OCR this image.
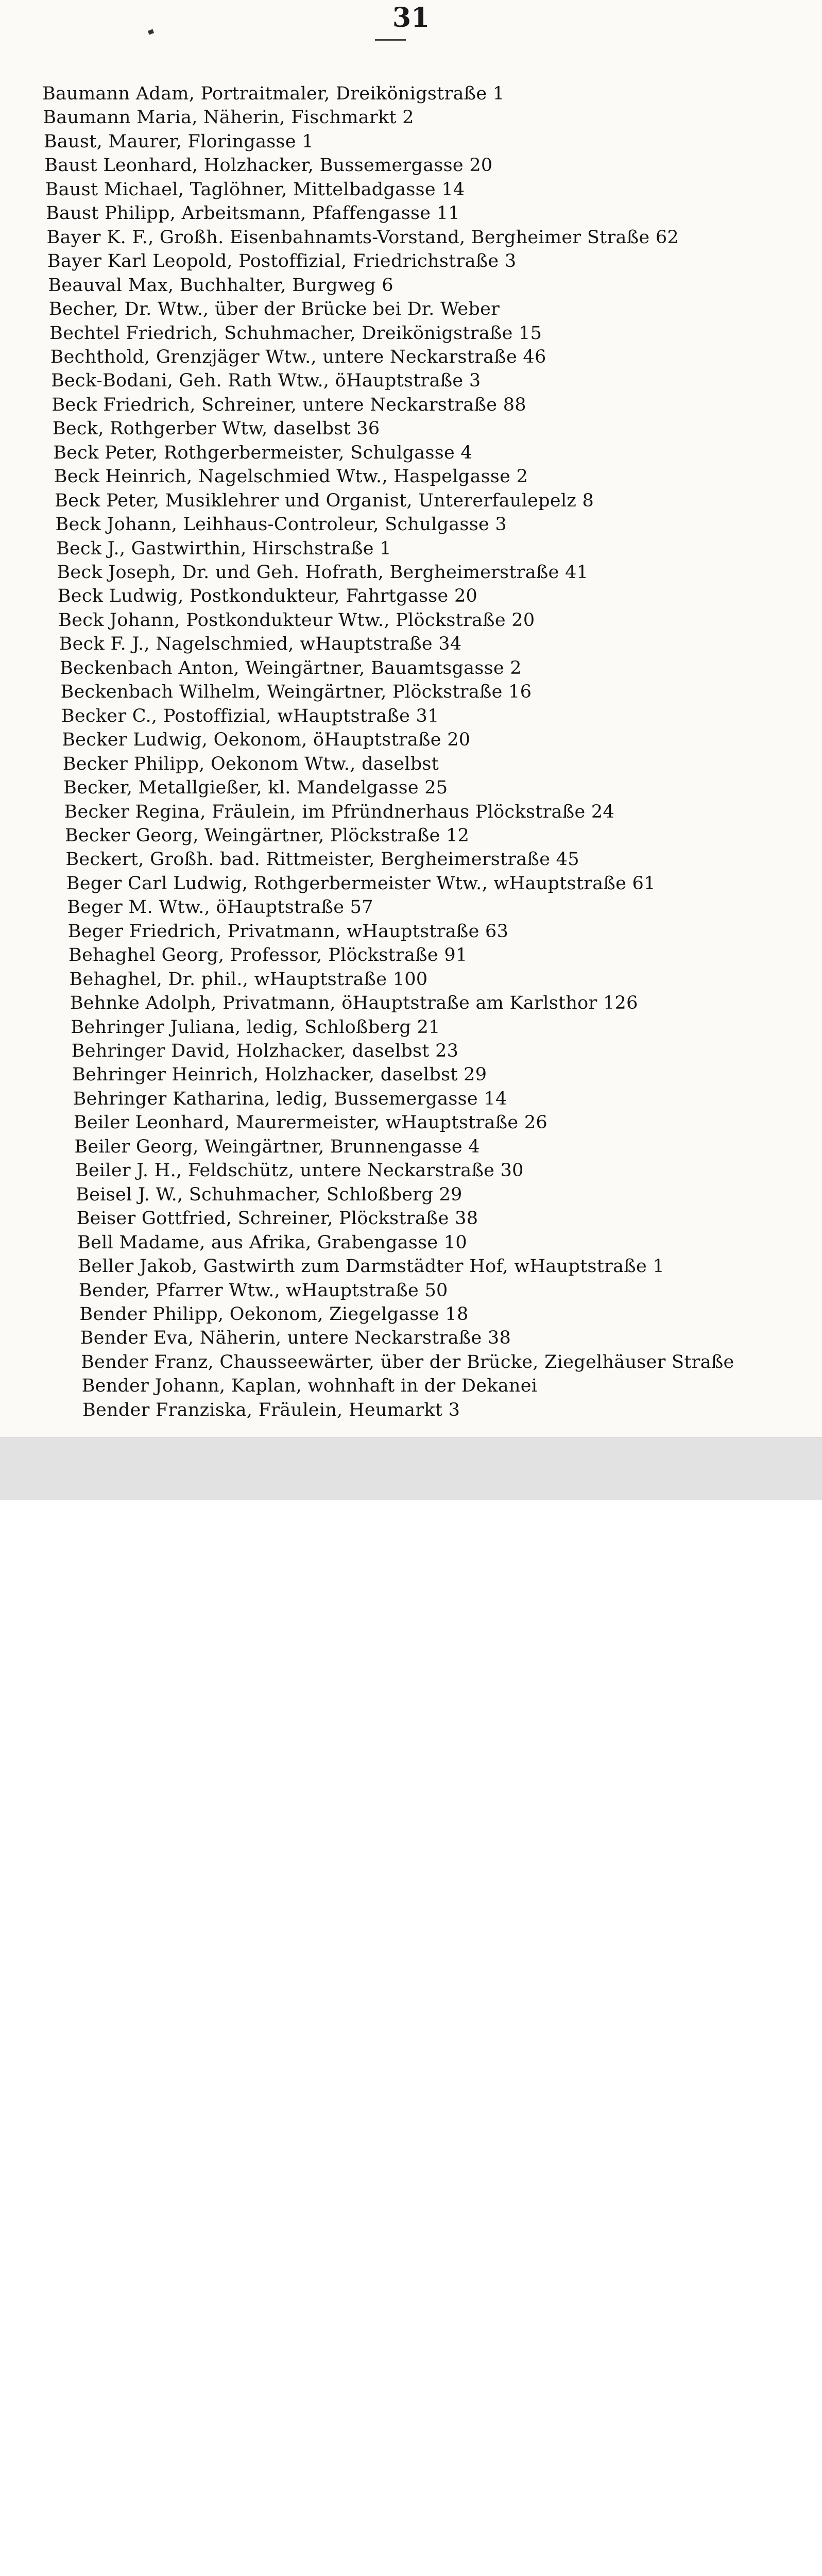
31
Baumann Adam, Portraitmaler, Dreikönigstraße 1
Baumann Maria, Näherin, Fischmarkt 2
Baust, Maurer, Floringasse 1
Baust Leonhard, Holzhacker, Bussemergasse 20
Baust Michael, Taglöhner, Mittelbadgasse 14
Baust Philipp, Arbeitsmann, Pfaffengasse 11
Bayer K. F., Großh. Eisenbahnamts-Vorstand, Bergheimer Straße 62
Bayer Karl Leopold, Postoffizial, Friedrichstraße 3
Beauval Max, Buchhalter, Burgweg 6
Becher, Dr. Wtw., über der Brücke bei Dr. Weber
Bechtel Friedrich, Schuhmacher, Dreikönigstraße 15
Bechthold, Grenzjäger Wtw., untere Neckarstraße 46
Beck-Bodani, Geh. Rath Wtw., öHauptstraße 3
Beck Friedrich, Schreiner, untere Neckarstraße 88
Beck, Rothgerber Wtw, daselbst 36
Beck Peter, Rothgerbermeister, Schulgasse 4
Beck Heinrich, Nagelschmied Wtw., Haspelgasse 2
Beck Peter, Musiklehrer und Organist, Untererfaulepelz 8
Beck Johann, Leihhaus-Controleur, Schulgasse 3
Beck J., Gastwirthin, Hirschstraße 1
Beck Joseph, Dr. und Geh. Hofrath, Bergheimerstraße 41
Beck Ludwig, Postkondukteur, Fahrtgasse 20
Beck Johann, Postkondukteur Wtw., Plöckstraße 20
Beck F. J., Nagelschmied, wHauptstraße 34
Beckenbach Anton, Weingärtner, Bauamtsgasse 2
Beckenbach Wilhelm, Weingärtner, Plöckstraße 16
Becker C., Postoffizial, wHauptstraße 31
Becker Ludwig, Oekonom, öHauptstraße 20
Becker Philipp, Oekonom Wtw., daselbst
Becker, Metallgießer, kl. Mandelgasse 25
Becker Regina, Fräulein, im Pfründnerhaus Plöckstraße 24
Becker Georg, Weingärtner, Plöckstraße 12
Beckert, Großh. bad. Rittmeister, Bergheimerstraße 45
Beger Carl Ludwig, Rothgerbermeister Wtw., wHauptstraße 61
Beger M. Wtw., öHauptstraße 57
Beger Friedrich, Privatmann, wHauptstraße 63
Behaghel Georg, Professor, Plöckstraße 91
Behaghel, Dr. phil., wHauptstraße 100
Behnke Adolph, Privatmann, öHauptstraße am Karlsthor 126
Behringer Juliana, ledig, Schloßberg 21
Behringer David, Holzhacker, daselbst 23
Behringer Heinrich, Holzhacker, daselbst 29
Behringer Katharina, ledig, Bussemergasse 14
Beiler Leonhard, Maurermeister, wHauptstraße 26
Beiler Georg, Weingärtner, Brunnengasse 4
Beiler J. H., Feldschütz, untere Neckarstraße 30
Beisel J. W., Schuhmacher, Schloßberg 29
Beiser Gottfried, Schreiner, Plöckstraße 38
Bell Madame, aus Afrika, Grabengasse 10
Beller Jakob, Gastwirth zum Darmstädter Hof, wHauptstraße 1
Bender, Pfarrer Wtw., wHauptstraße 50
Bender Philipp, Oekonom, Ziegelgasse 18
Bender Eva, Näherin, untere Neckarstraße 38
Bender Franz, Chausseewärter, über der Brücke, Ziegelhäuser Straße
Bender Johann, Kaplan, wohnhaft in der Dekanei
Bender Franziska, Fräulein, Heumarkt 3
